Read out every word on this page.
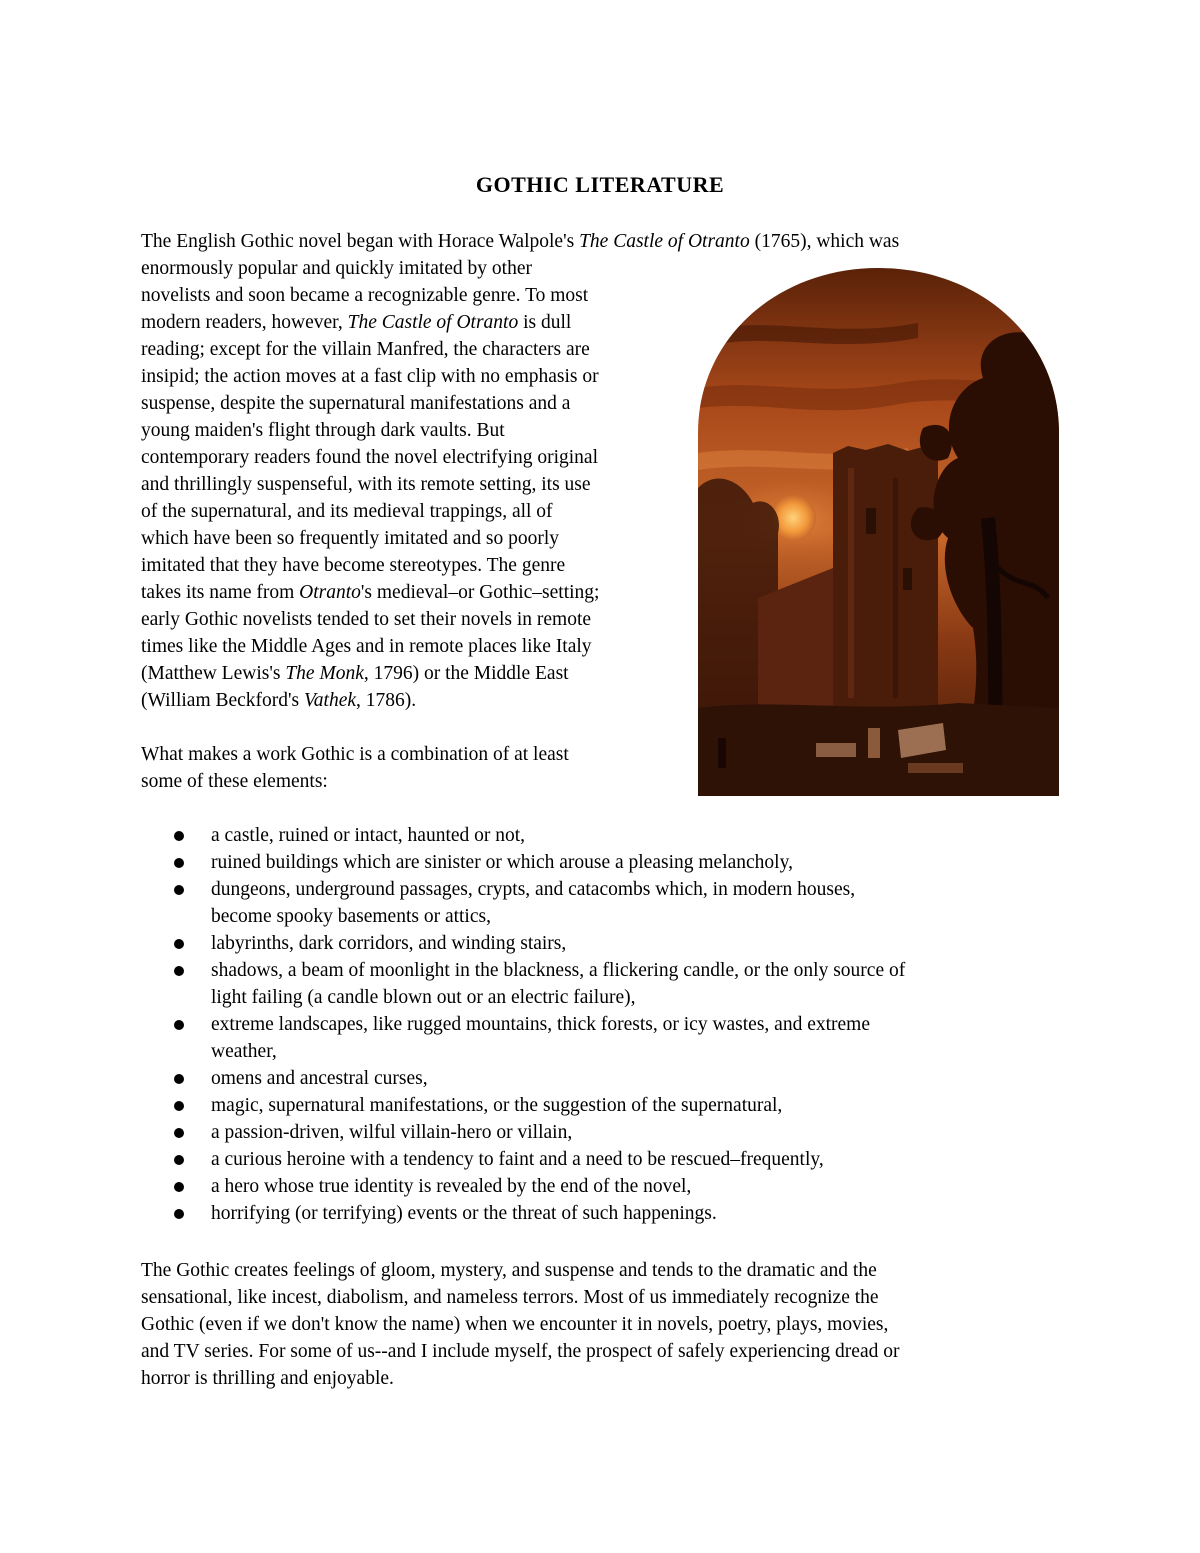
GOTHIC LITERATURE
The English Gothic novel began with Horace Walpole's The Castle of Otranto (1765), which was
enormously popular and quickly imitated by other
novelists and soon became a recognizable genre. To most
modern readers, however, The Castle of Otranto is dull
reading; except for the villain Manfred, the characters are
insipid; the action moves at a fast clip with no emphasis or
suspense, despite the supernatural manifestations and a
young maiden's flight through dark vaults. But
contemporary readers found the novel electrifying original
and thrillingly suspenseful, with its remote setting, its use
of the supernatural, and its medieval trappings, all of
which have been so frequently imitated and so poorly
imitated that they have become stereotypes. The genre
takes its name from Otranto's medieval–or Gothic–setting;
early Gothic novelists tended to set their novels in remote
times like the Middle Ages and in remote places like Italy
(Matthew Lewis's The Monk, 1796) or the Middle East
(William Beckford's Vathek, 1786).
What makes a work Gothic is a combination of at least
some of these elements:
a castle, ruined or intact, haunted or not,
ruined buildings which are sinister or which arouse a pleasing melancholy,
dungeons, underground passages, crypts, and catacombs which, in modern houses,
become spooky basements or attics,
labyrinths, dark corridors, and winding stairs,
shadows, a beam of moonlight in the blackness, a flickering candle, or the only source of
light failing (a candle blown out or an electric failure),
extreme landscapes, like rugged mountains, thick forests, or icy wastes, and extreme
weather,
omens and ancestral curses,
magic, supernatural manifestations, or the suggestion of the supernatural,
a passion-driven, wilful villain-hero or villain,
a curious heroine with a tendency to faint and a need to be rescued–frequently,
a hero whose true identity is revealed by the end of the novel,
horrifying (or terrifying) events or the threat of such happenings.
The Gothic creates feelings of gloom, mystery, and suspense and tends to the dramatic and the
sensational, like incest, diabolism, and nameless terrors. Most of us immediately recognize the
Gothic (even if we don't know the name) when we encounter it in novels, poetry, plays, movies,
and TV series. For some of us--and I include myself, the prospect of safely experiencing dread or
horror is thrilling and enjoyable.
